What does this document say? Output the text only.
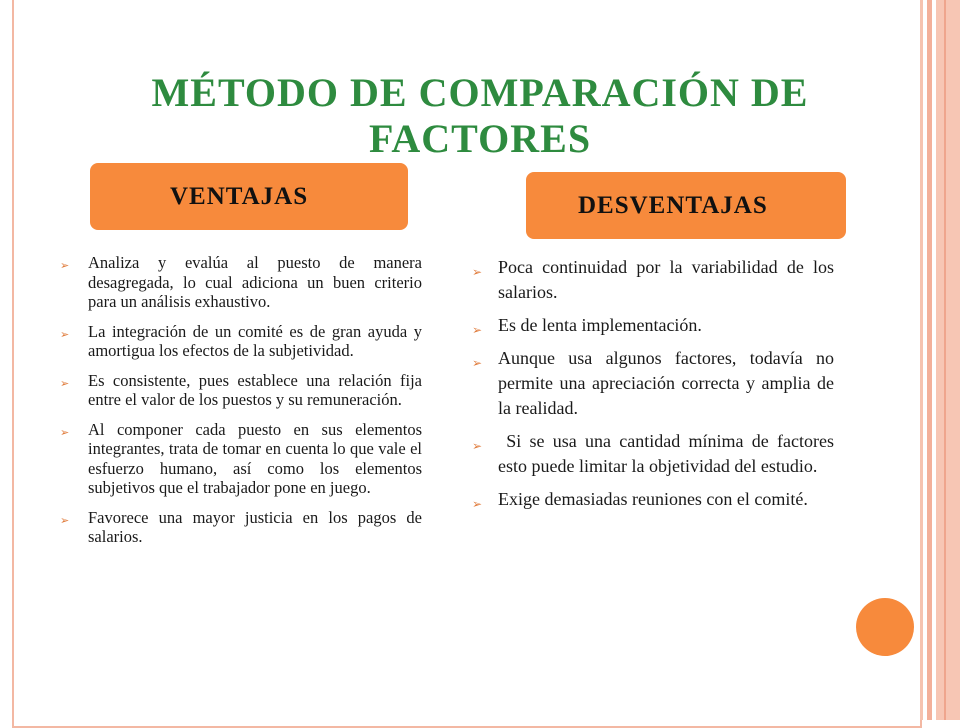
MÉTODO DE COMPARACIÓN DE FACTORES
VENTAJAS	DESVENTAJAS
➢ Analiza y evalúa al puesto de manera desagregada, lo cual adiciona un buen criterio para un análisis exhaustivo.
➢ La integración de un comité es de gran ayuda y amortigua los efectos de la subjetividad.
➢ Es consistente, pues establece una relación fija entre el valor de los puestos y su remuneración.
➢ Al componer cada puesto en sus elementos integrantes, trata de tomar en cuenta lo que vale el esfuerzo humano, así como los elementos subjetivos que el trabajador pone en juego.
➢ Favorece una mayor justicia en los pagos de salarios.
➢ Poca continuidad por la variabilidad de los salarios.
➢ Es de lenta implementación.
➢ Aunque usa algunos factores, todavía no permite una apreciación correcta y amplia de la realidad.
➢ Si se usa una cantidad mínima de factores esto puede limitar la objetividad del estudio.
➢ Exige demasiadas reuniones con el comité.
